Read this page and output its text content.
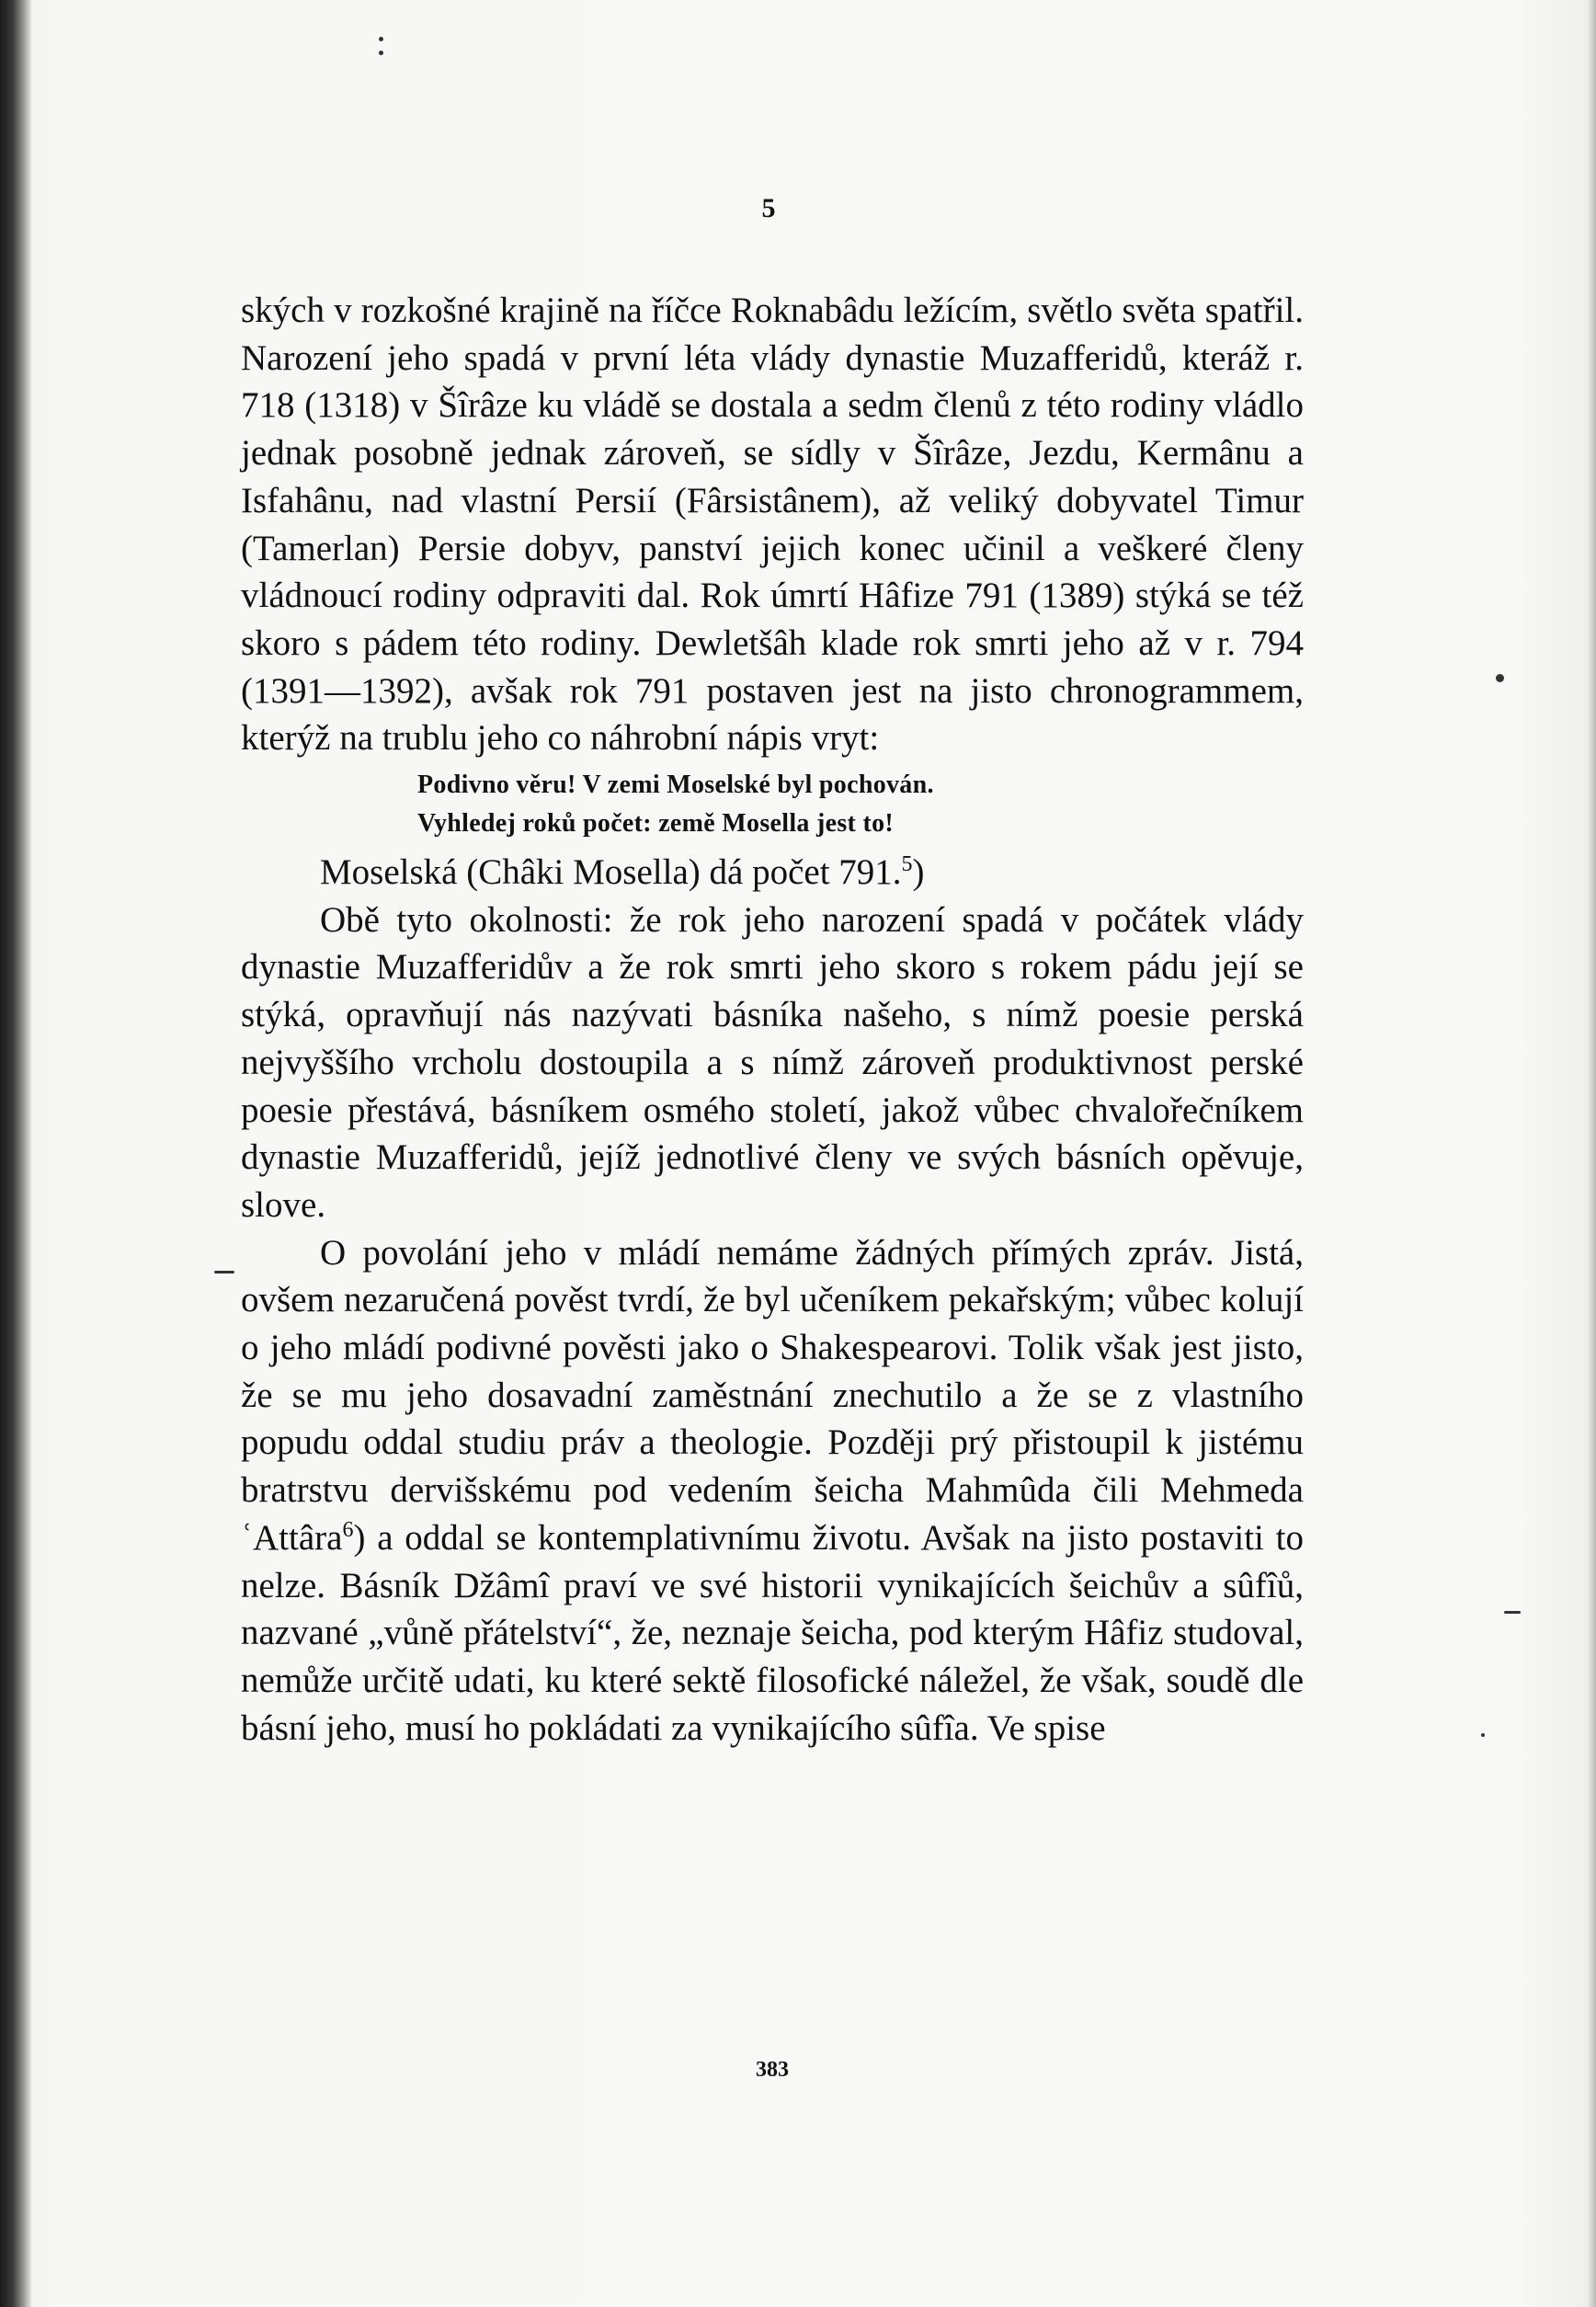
5

ských v rozkošné krajině na říčce Roknabâdu ležícím, světlo světa spatřil. Narození jeho spadá v první léta vlády dynastie Muzafferidů, kteráž r. 718 (1318) v Šîrâze ku vládě se dostala a sedm členů z této rodiny vládlo jednak posobně jednak zároveň, se sídly v Šîrâze, Jezdu, Kermânu a Isfahânu, nad vlastní Persií (Fârsistânem), až veliký dobyvatel Timur (Tamerlan) Persie dobyv, panství jejich konec učinil a veškeré členy vládnoucí rodiny odpraviti dal. Rok úmrtí Hâfize 791 (1389) stýká se též skoro s pádem této rodiny. Dewletšâh klade rok smrti jeho až v r. 794 (1391—1392), avšak rok 791 postaven jest na jisto chronogrammem, kterýž na trublu jeho co náhrobní nápis vryt:

Podivno věru! V zemi Moselské byl pochován.
Vyhledej roků počet: země Mosella jest to!

Moselská (Châki Mosella) dá počet 791.$^5$)

Obě tyto okolnosti: že rok jeho narození spadá v počátek vlády dynastie Muzafferidův a že rok smrti jeho skoro s rokem pádu její se stýká, opravňují nás nazývati básníka našeho, s nímž poesie perská nejvyššího vrcholu dostoupila a s nímž zároveň produktivnost perské poesie přestává, básníkem osmého století, jakož vůbec chvalořečníkem dynastie Muzafferidů, jejíž jednotlivé členy ve svých básních opěvuje, slove.

O povolání jeho v mládí nemáme žádných přímých zpráv. Jistá, ovšem nezaručená pověst tvrdí, že byl učeníkem pekařským; vůbec kolují o jeho mládí podivné pověsti jako o Shakespearovi. Tolik však jest jisto, že se mu jeho dosavadní zaměstnání znechutilo a že se z vlastního popudu oddal studiu práv a theologie. Později prý přistoupil k jistému bratrstvu dervišskému pod vedením šeicha Mahmûda čili Mehmeda ʿAttâra$^6$) a oddal se kontemplativnímu životu. Avšak na jisto postaviti to nelze. Básník Džâmî praví ve své historii vynikajících šeichův a sûfîů, nazvané „vůně přátelství“, že, neznaje šeicha, pod kterým Hâfiz studoval, nemůže určitě udati, ku které sektě filosofické náležel, že však, soudě dle básní jeho, musí ho pokládati za vynikajícího sûfîa. Ve spise

383
